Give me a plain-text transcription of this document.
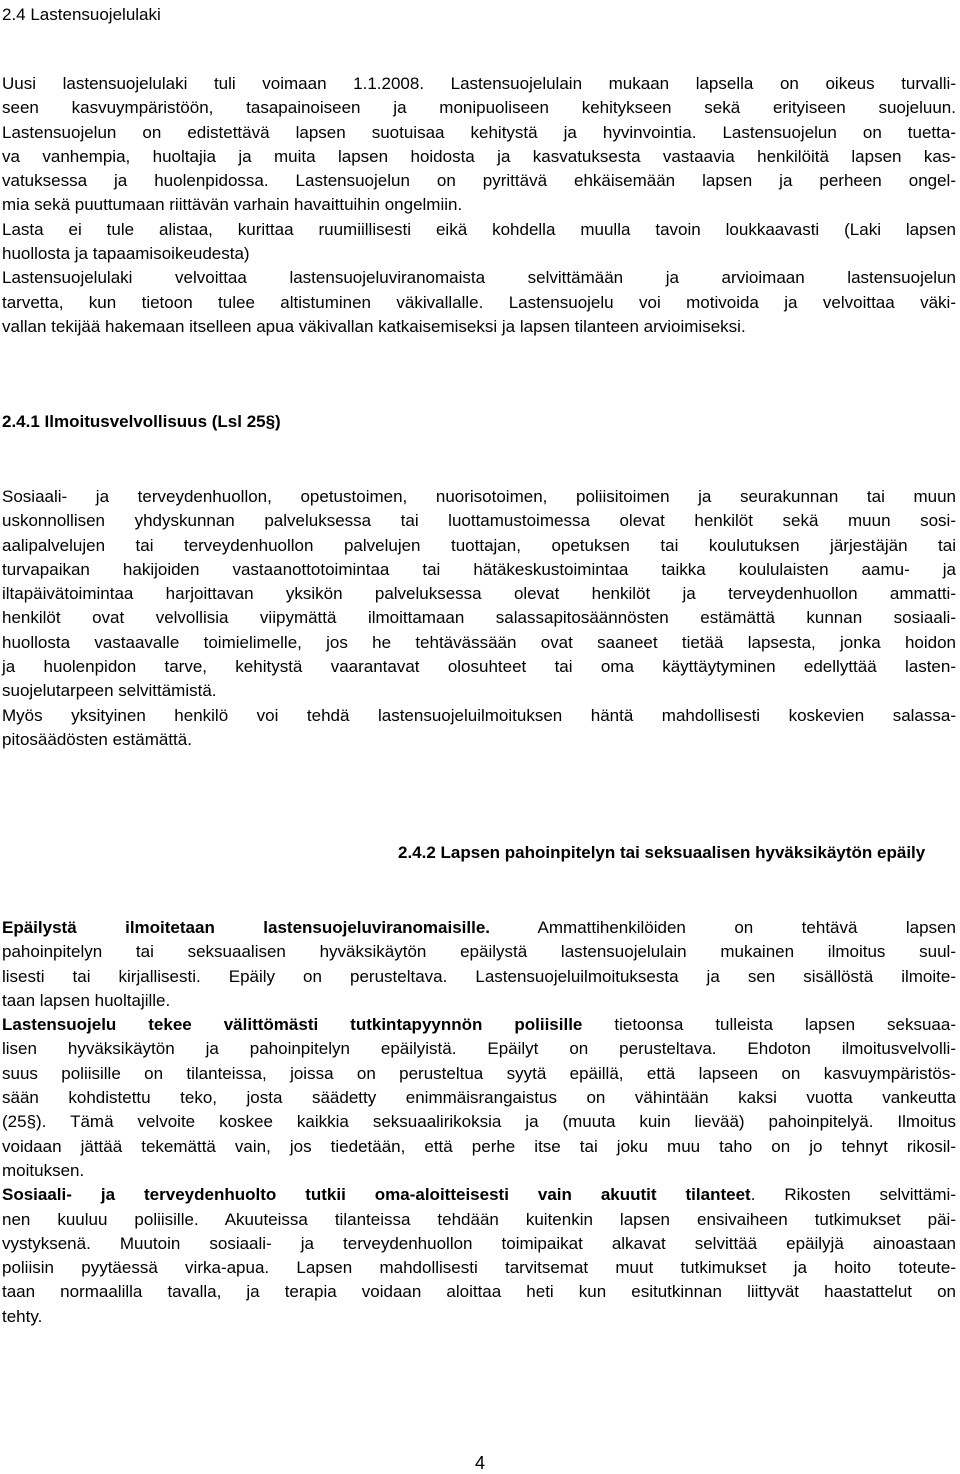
2.4 Lastensuojelulaki
Uusi lastensuojelulaki tuli voimaan 1.1.2008. Lastensuojelulain mukaan lapsella on oikeus turvalli-
seen kasvuympäristöön, tasapainoiseen ja monipuoliseen kehitykseen sekä erityiseen suojeluun.
Lastensuojelun on edistettävä lapsen suotuisaa kehitystä ja hyvinvointia. Lastensuojelun on tuetta-
va vanhempia, huoltajia ja muita lapsen hoidosta ja kasvatuksesta vastaavia henkilöitä lapsen kas-
vatuksessa ja huolenpidossa. Lastensuojelun on pyrittävä ehkäisemään lapsen ja perheen ongel-
mia sekä puuttumaan riittävän varhain havaittuihin ongelmiin.
Lasta ei tule alistaa, kurittaa ruumiillisesti eikä kohdella muulla tavoin loukkaavasti (Laki lapsen
huollosta ja tapaamisoikeudesta)
Lastensuojelulaki velvoittaa lastensuojeluviranomaista selvittämään ja arvioimaan lastensuojelun
tarvetta, kun tietoon tulee altistuminen väkivallalle. Lastensuojelu voi motivoida ja velvoittaa väki-
vallan tekijää hakemaan itselleen apua väkivallan katkaisemiseksi ja lapsen tilanteen arvioimiseksi.
2.4.1 Ilmoitusvelvollisuus (Lsl 25§)
Sosiaali- ja terveydenhuollon, opetustoimen, nuorisotoimen, poliisitoimen ja seurakunnan tai muun
uskonnollisen yhdyskunnan palveluksessa tai luottamustoimessa olevat henkilöt sekä muun sosi-
aalipalvelujen tai terveydenhuollon palvelujen tuottajan, opetuksen tai koulutuksen järjestäjän tai
turvapaikan hakijoiden vastaanottotoimintaa tai hätäkeskustoimintaa taikka koululaisten aamu- ja
iltapäivätoimintaa harjoittavan yksikön palveluksessa olevat henkilöt ja terveydenhuollon ammatti-
henkilöt ovat velvollisia viipymättä ilmoittamaan salassapitosäännösten estämättä kunnan sosiaali-
huollosta vastaavalle toimielimelle, jos he tehtävässään ovat saaneet tietää lapsesta, jonka hoidon
ja huolenpidon tarve, kehitystä vaarantavat olosuhteet tai oma käyttäytyminen edellyttää lasten-
suojelutarpeen selvittämistä.
Myös yksityinen henkilö voi tehdä lastensuojeluilmoituksen häntä mahdollisesti koskevien salassa-
pitosäädösten estämättä.
2.4.2 Lapsen pahoinpitelyn tai seksuaalisen hyväksikäytön epäily
Epäilystä ilmoitetaan lastensuojeluviranomaisille. Ammattihenkilöiden on tehtävä lapsen
pahoinpitelyn tai seksuaalisen hyväksikäytön epäilystä lastensuojelulain mukainen ilmoitus suul-
lisesti tai kirjallisesti. Epäily on perusteltava. Lastensuojeluilmoituksesta ja sen sisällöstä ilmoite-
taan lapsen huoltajille.
Lastensuojelu tekee välittömästi tutkintapyynnön poliisille tietoonsa tulleista lapsen seksuaa-
lisen hyväksikäytön ja pahoinpitelyn epäilyistä. Epäilyt on perusteltava. Ehdoton ilmoitusvelvolli-
suus poliisille on tilanteissa, joissa on perusteltua syytä epäillä, että lapseen on kasvuympäristös-
sään kohdistettu teko, josta säädetty enimmäisrangaistus on vähintään kaksi vuotta vankeutta
(25§). Tämä velvoite koskee kaikkia seksuaalirikoksia ja (muuta kuin lievää) pahoinpitelyä. Ilmoitus
voidaan jättää tekemättä vain, jos tiedetään, että perhe itse tai joku muu taho on jo tehnyt rikosil-
moituksen.
Sosiaali- ja terveydenhuolto tutkii oma-aloitteisesti vain akuutit tilanteet. Rikosten selvittämi-
nen kuuluu poliisille. Akuuteissa tilanteissa tehdään kuitenkin lapsen ensivaiheen tutkimukset päi-
vystyksenä. Muutoin sosiaali- ja terveydenhuollon toimipaikat alkavat selvittää epäilyjä ainoastaan
poliisin pyytäessä virka-apua. Lapsen mahdollisesti tarvitsemat muut tutkimukset ja hoito toteute-
taan normaalilla tavalla, ja terapia voidaan aloittaa heti kun esitutkinnan liittyvät haastattelut on
tehty.
4
